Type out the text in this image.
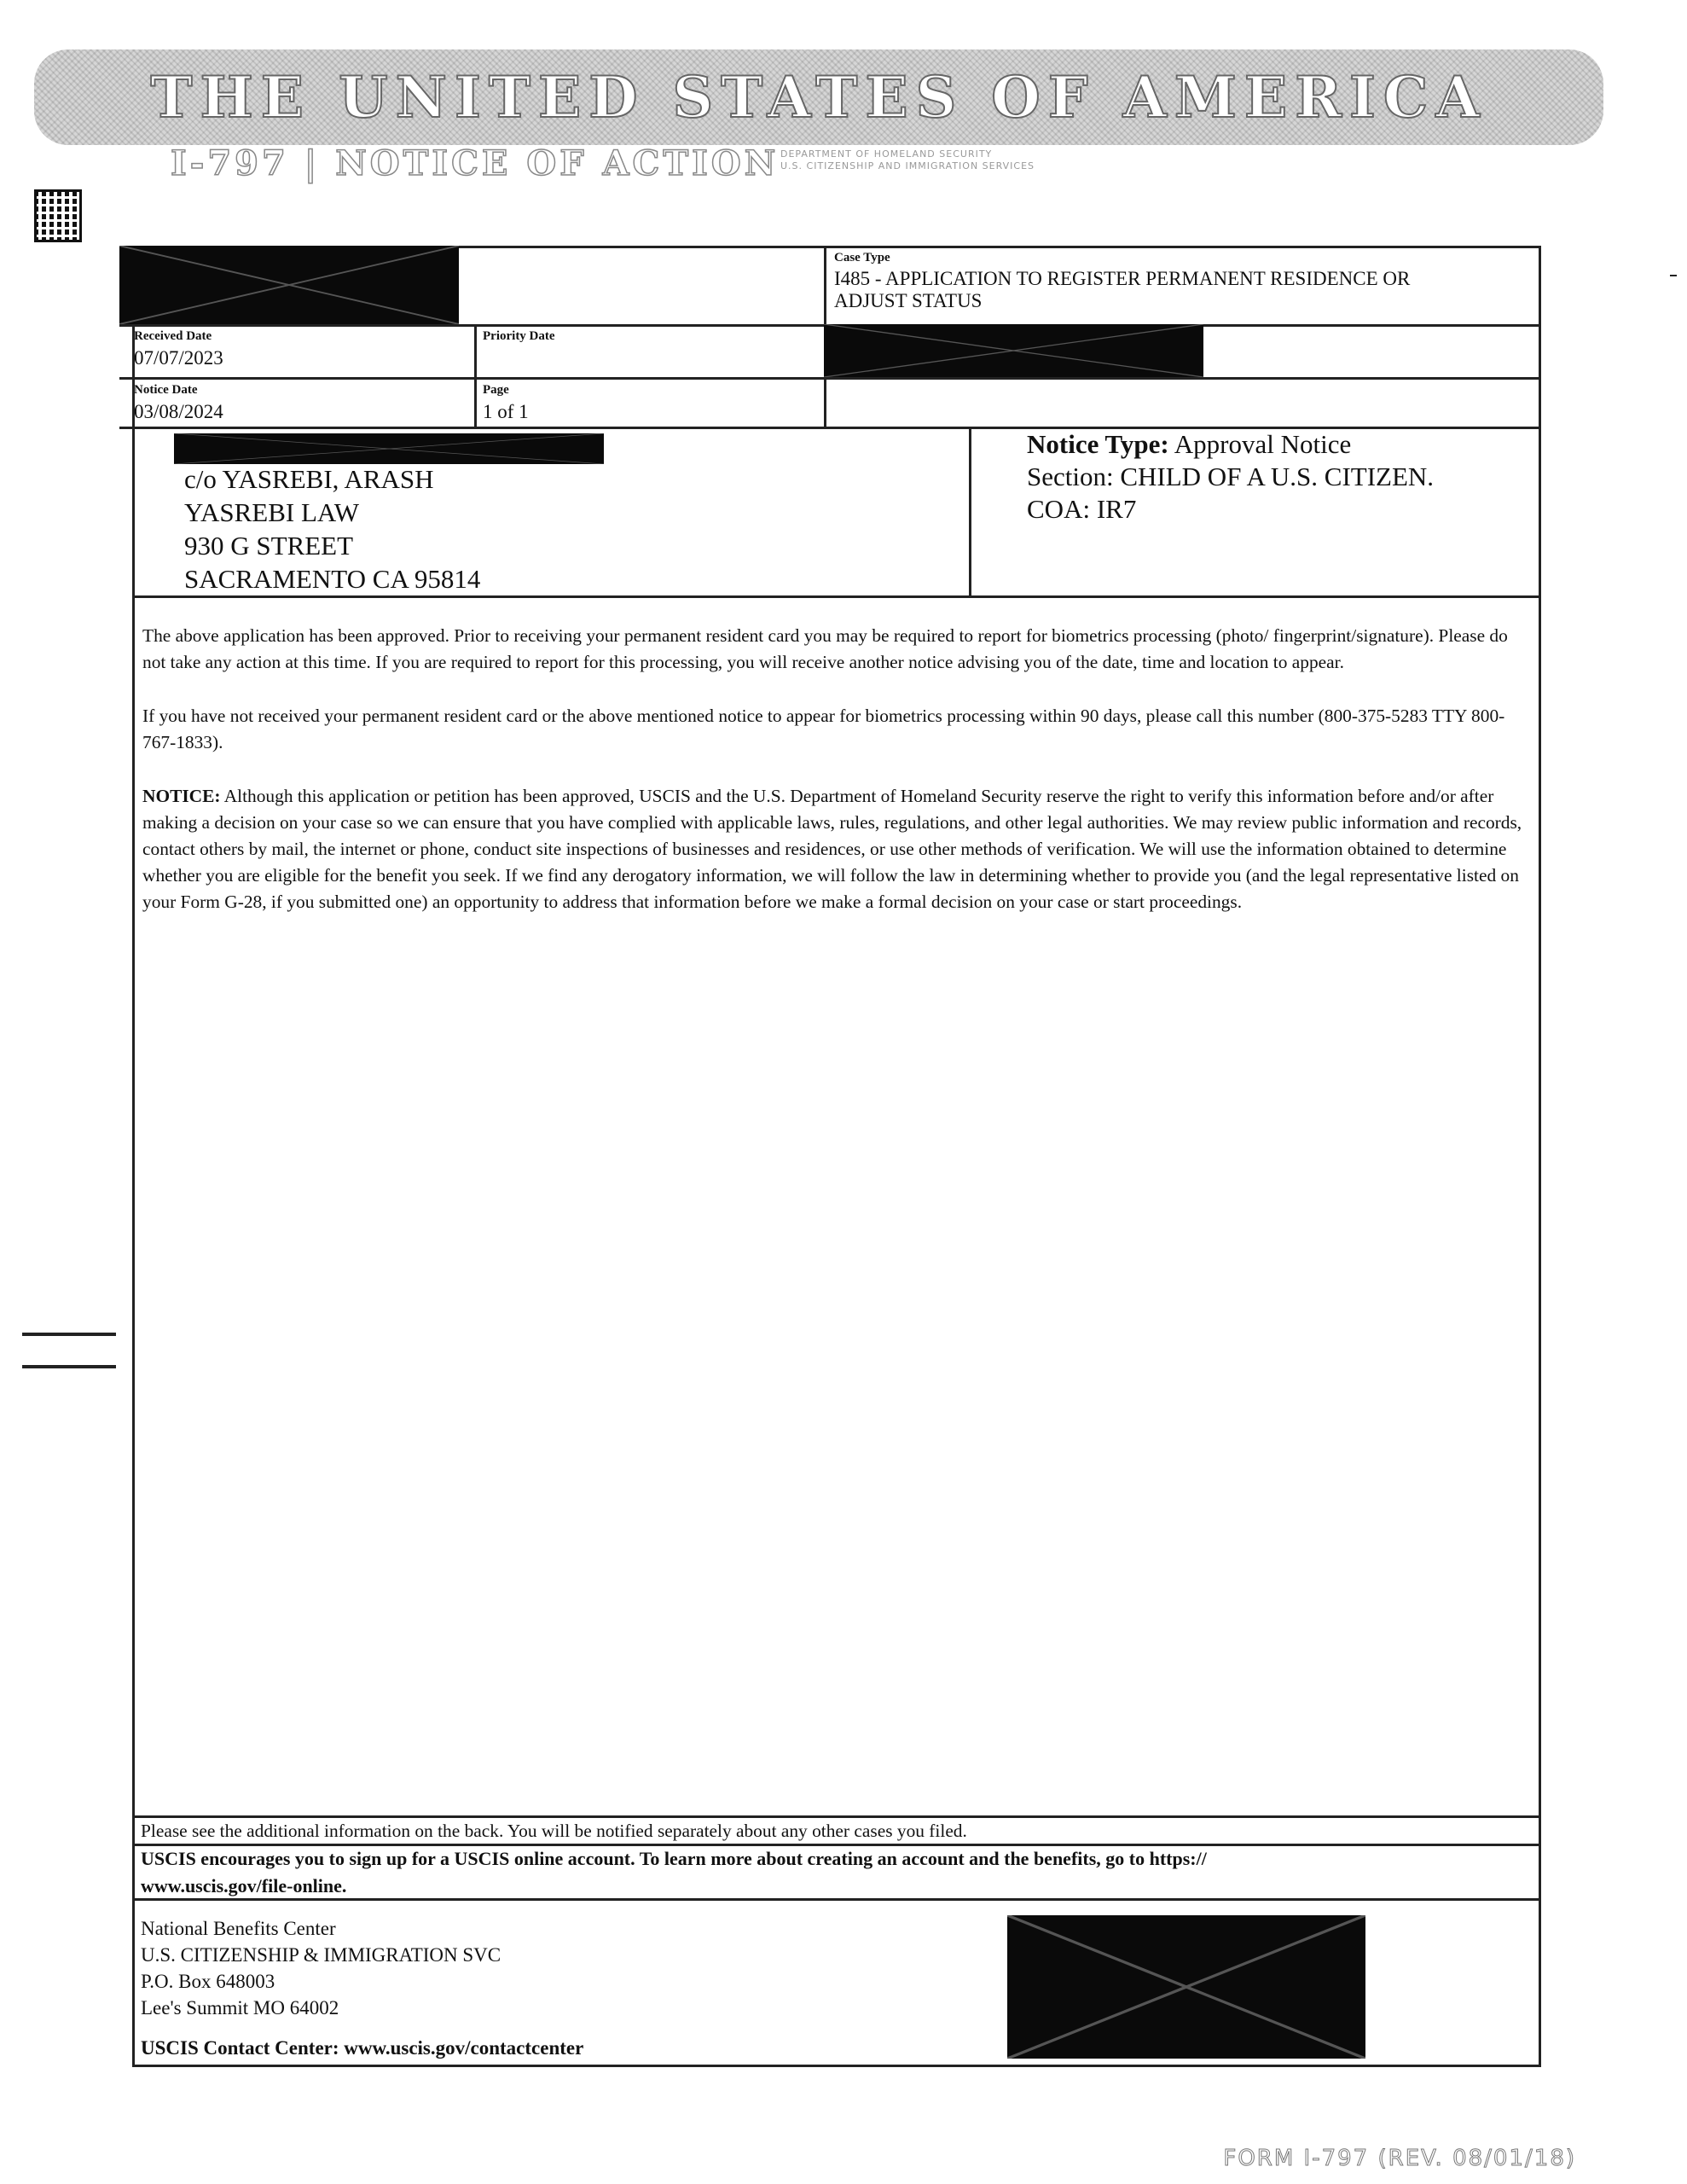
THE UNITED STATES OF AMERICA
I-797 | NOTICE OF ACTION DEPARTMENT OF HOMELAND SECURITY
U.S. CITIZENSHIP AND IMMIGRATION SERVICES
Case Type
I485 - APPLICATION TO REGISTER PERMANENT RESIDENCE OR
ADJUST STATUS
Received Date
07/07/2023
Priority Date
Notice Date
03/08/2024
Page
1 of 1
c/o YASREBI, ARASH
YASREBI LAW
930 G STREET
SACRAMENTO CA 95814
Notice Type: Approval Notice
Section: CHILD OF A U.S. CITIZEN.
COA: IR7

The above application has been approved. Prior to receiving your permanent resident card you may be required to report for biometrics processing (photo/ fingerprint/signature). Please do not take any action at this time. If you are required to report for this processing, you will receive another notice advising you of the date, time and location to appear.

If you have not received your permanent resident card or the above mentioned notice to appear for biometrics processing within 90 days, please call this number (800-375-5283 TTY 800-767-1833).

NOTICE: Although this application or petition has been approved, USCIS and the U.S. Department of Homeland Security reserve the right to verify this information before and/or after making a decision on your case so we can ensure that you have complied with applicable laws, rules, regulations, and other legal authorities. We may review public information and records, contact others by mail, the internet or phone, conduct site inspections of businesses and residences, or use other methods of verification. We will use the information obtained to determine whether you are eligible for the benefit you seek. If we find any derogatory information, we will follow the law in determining whether to provide you (and the legal representative listed on your Form G-28, if you submitted one) an opportunity to address that information before we make a formal decision on your case or start proceedings.

Please see the additional information on the back. You will be notified separately about any other cases you filed.
USCIS encourages you to sign up for a USCIS online account. To learn more about creating an account and the benefits, go to https://
www.uscis.gov/file-online.
National Benefits Center
U.S. CITIZENSHIP & IMMIGRATION SVC
P.O. Box 648003
Lee's Summit MO 64002
USCIS Contact Center: www.uscis.gov/contactcenter
FORM I-797 (REV. 08/01/18)
